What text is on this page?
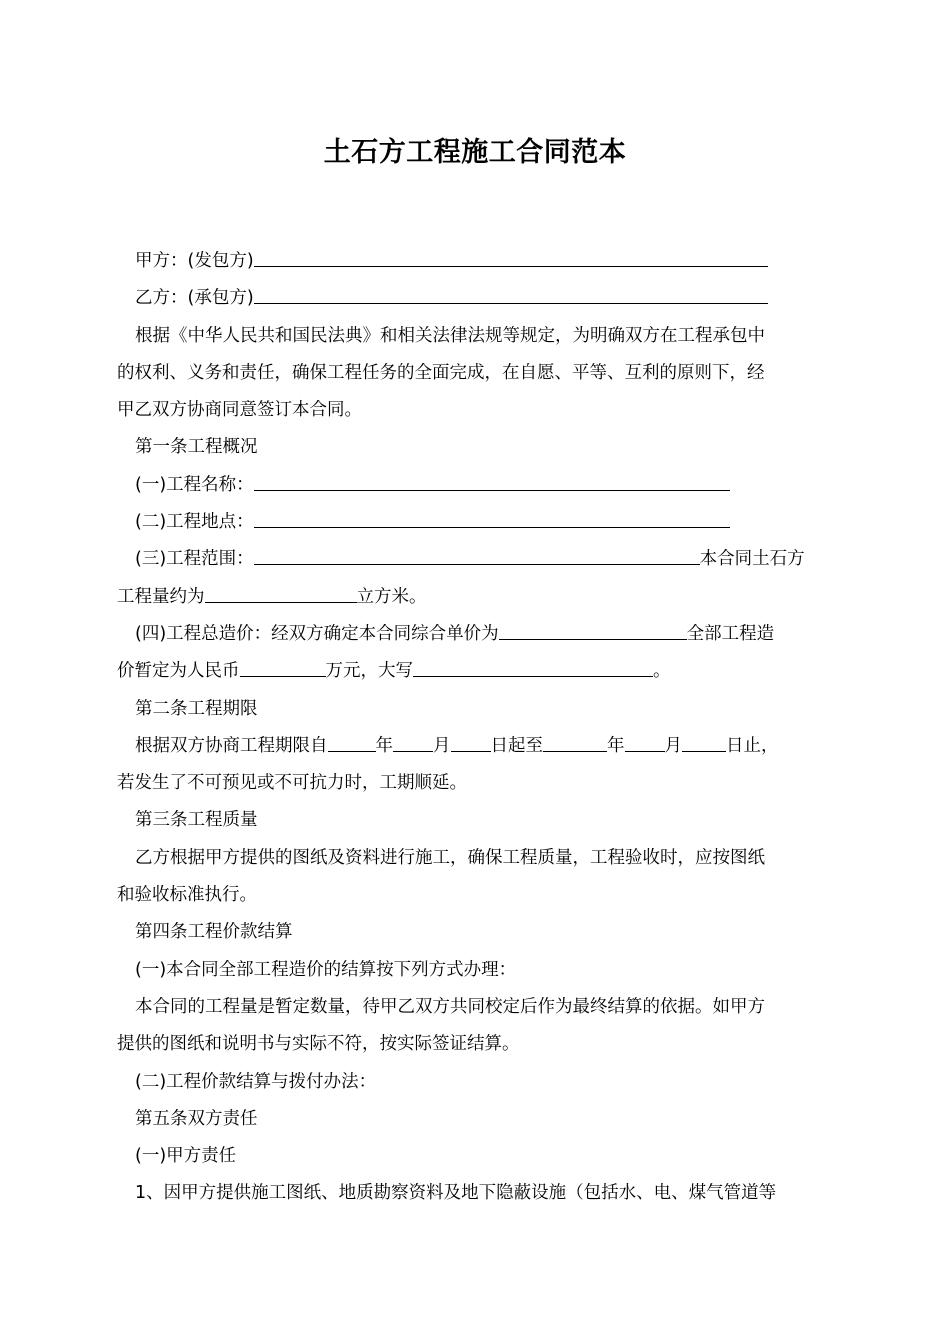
土石方工程施工合同范本
甲方：(发包方)
乙方：(承包方)
根据《中华人民共和国民法典》和相关法律法规等规定，为明确双方在工程承包中
的权利、义务和责任，确保工程任务的全面完成，在自愿、平等、互利的原则下，经
甲乙双方协商同意签订本合同。
第一条工程概况
(一)工程名称：
(二)工程地点：
(三)工程范围：	本合同土石方
工程量约为	立方米。
(四)工程总造价：经双方确定本合同综合单价为	全部工程造
价暂定为人民币	万元，大写	。
第二条工程期限
根据双方协商工程期限自	年 月 日起至	年 月	日止，
若发生了不可预见或不可抗力时，工期顺延。
第三条工程质量
乙方根据甲方提供的图纸及资料进行施工，确保工程质量，工程验收时，应按图纸
和验收标准执行。
第四条工程价款结算
(一)本合同全部工程造价的结算按下列方式办理：
本合同的工程量是暂定数量，待甲乙双方共同校定后作为最终结算的依据。如甲方
提供的图纸和说明书与实际不符，按实际签证结算。
(二)工程价款结算与拨付办法：
第五条双方责任
(一)甲方责任
1、因甲方提供施工图纸、地质勘察资料及地下隐蔽设施（包括水、电、煤气管道等
